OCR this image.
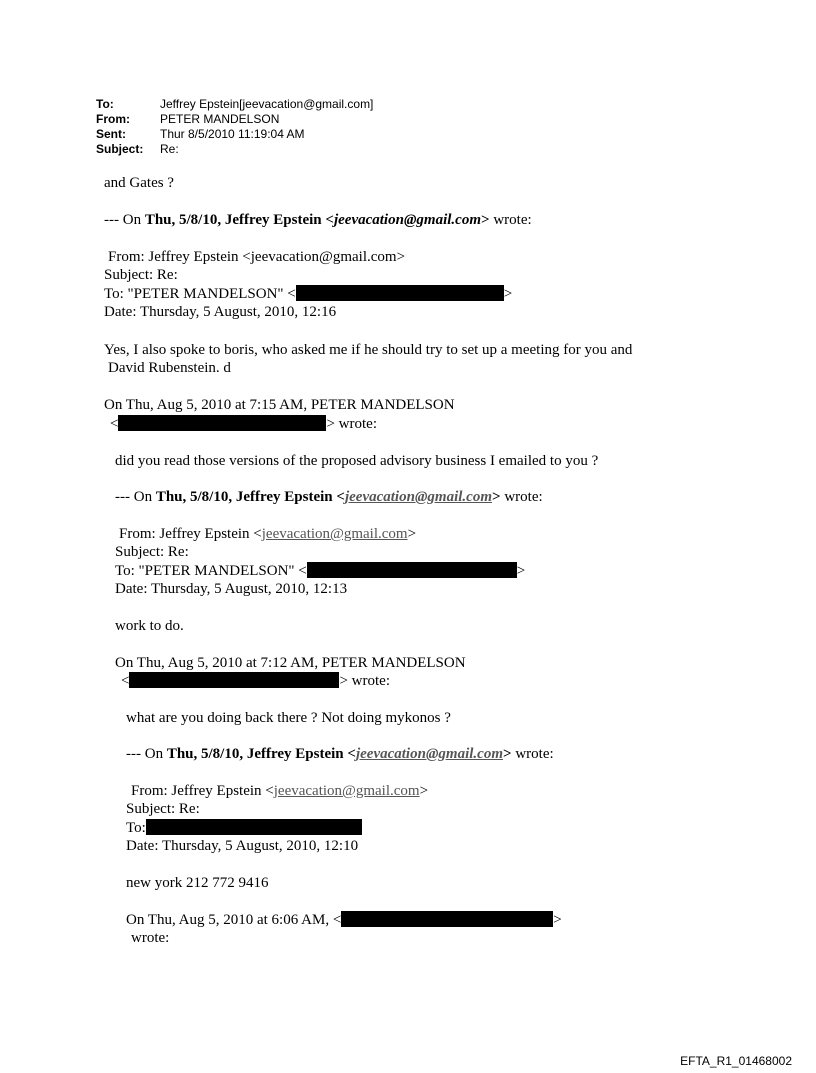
To:	Jeffrey Epstein[jeevacation@gmail.com]
From:	PETER MANDELSON
Sent:	Thur 8/5/2010 11:19:04 AM
Subject:	Re:
and Gates ?
--- On Thu, 5/8/10, Jeffrey Epstein <jeevacation@gmail.com> wrote:
From: Jeffrey Epstein <jeevacation@gmail.com>
Subject: Re:
To: "PETER MANDELSON" <	>
Date: Thursday, 5 August, 2010, 12:16
Yes, I also spoke to boris, who asked me if he should try to set up a meeting for you and
David Rubenstein. d
On Thu, Aug 5, 2010 at 7:15 AM, PETER MANDELSON
<	> wrote:
did you read those versions of the proposed advisory business I emailed to you ?
--- On Thu, 5/8/10, Jeffrey Epstein <jeevacation@gmail.com> wrote:
From: Jeffrey Epstein <jeevacation@gmail.com>
Subject: Re:
To: "PETER MANDELSON" <	>
Date: Thursday, 5 August, 2010, 12:13
work to do.
On Thu, Aug 5, 2010 at 7:12 AM, PETER MANDELSON
<	> wrote:
what are you doing back there ? Not doing mykonos ?
--- On Thu, 5/8/10, Jeffrey Epstein <jeevacation@gmail.com> wrote:
From: Jeffrey Epstein <jeevacation@gmail.com>
Subject: Re:
To:
Date: Thursday, 5 August, 2010, 12:10
new york 212 772 9416
On Thu, Aug 5, 2010 at 6:06 AM, <	>
wrote:
EFTA_R1_01468002
